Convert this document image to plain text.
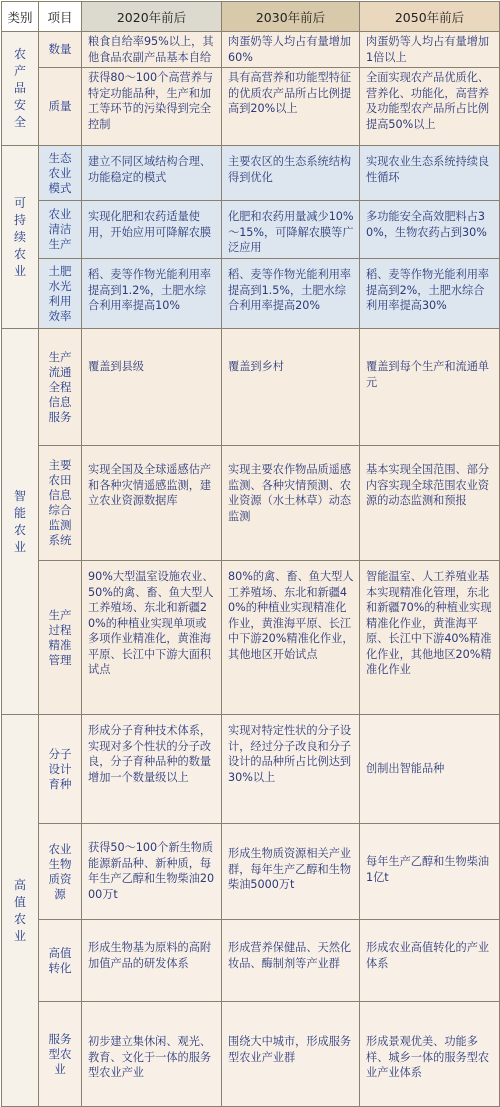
类别	项目	2020年前后	2030年前后	2050年前后
农产品安全	数量	粮食自给率95%以上，其他食品农副产品基本自给	肉蛋奶等人均占有量增加60%	肉蛋奶等人均占有量增加1倍以上
	质量	获得80～100个高营养与特定功能品种，生产和加工等环节的污染得到完全控制	具有高营养和功能型特征的优质农产品所占比例提高到20%以上	全面实现农产品优质化、营养化、功能化，高营养及功能型农产品所占比例提高50%以上
可持续农业	生态农业模式	建立不同区域结构合理、功能稳定的模式	主要农区的生态系统结构得到优化	实现农业生态系统持续良性循环
	农业清洁生产	实现化肥和农药适量使用，开始应用可降解农膜	化肥和农药用量减少10%～15%，可降解农膜等广泛应用	多功能安全高效肥料占30%，生物农药占到30%
	土肥水光利用效率	稻、麦等作物光能利用率提高到1.2%，土肥水综合利用率提高10%	稻、麦等作物光能利用率提高到1.5%，土肥水综合利用率提高20%	稻、麦等作物光能利用率提高到2%，土肥水综合利用率提高30%
智能农业	生产流通全程信息服务	覆盖到县级	覆盖到乡村	覆盖到每个生产和流通单元
	主要农田信息综合监测系统	实现全国及全球遥感估产和各种灾情遥感监测，建立农业资源数据库	实现主要农作物品质遥感监测、各种灾情预测、农业资源（水土林草）动态监测	基本实现全国范围、部分内容实现全球范围农业资源的动态监测和预报
	生产过程精准管理	90%大型温室设施农业、50%的禽、畜、鱼大型人工养殖场、东北和新疆20%的种植业实现单项或多项作业精准化，黄淮海平原、长江中下游大面积试点	80%的禽、畜、鱼大型人工养殖场、东北和新疆40%的种植业实现精准化作业，黄淮海平原、长江中下游20%精准化作业，其他地区开始试点	智能温室、人工养殖业基本实现精准化管理，东北和新疆70%的种植业实现精准化作业，黄淮海平原、长江中下游40%精准化作业，其他地区20%精准化作业
高值农业	分子设计育种	形成分子育种技术体系，实现对多个性状的分子改良，分子育种品种的数量增加一个数量级以上	实现对特定性状的分子设计，经过分子改良和分子设计的品种所占比例达到30%以上	创制出智能品种
	农业生物质资源	获得50～100个新生物质能源新品种、新种质，每年生产乙醇和生物柴油2000万t	形成生物质资源相关产业群，每年生产乙醇和生物柴油5000万t	每年生产乙醇和生物柴油1亿t
	高值转化	形成生物基为原料的高附加值产品的研发体系	形成营养保健品、天然化妆品、酶制剂等产业群	形成农业高值转化的产业体系
	服务型农业	初步建立集休闲、观光、教育、文化于一体的服务型农业产业	围绕大中城市，形成服务型农业产业群	形成景观优美、功能多样、城乡一体的服务型农业产业体系
